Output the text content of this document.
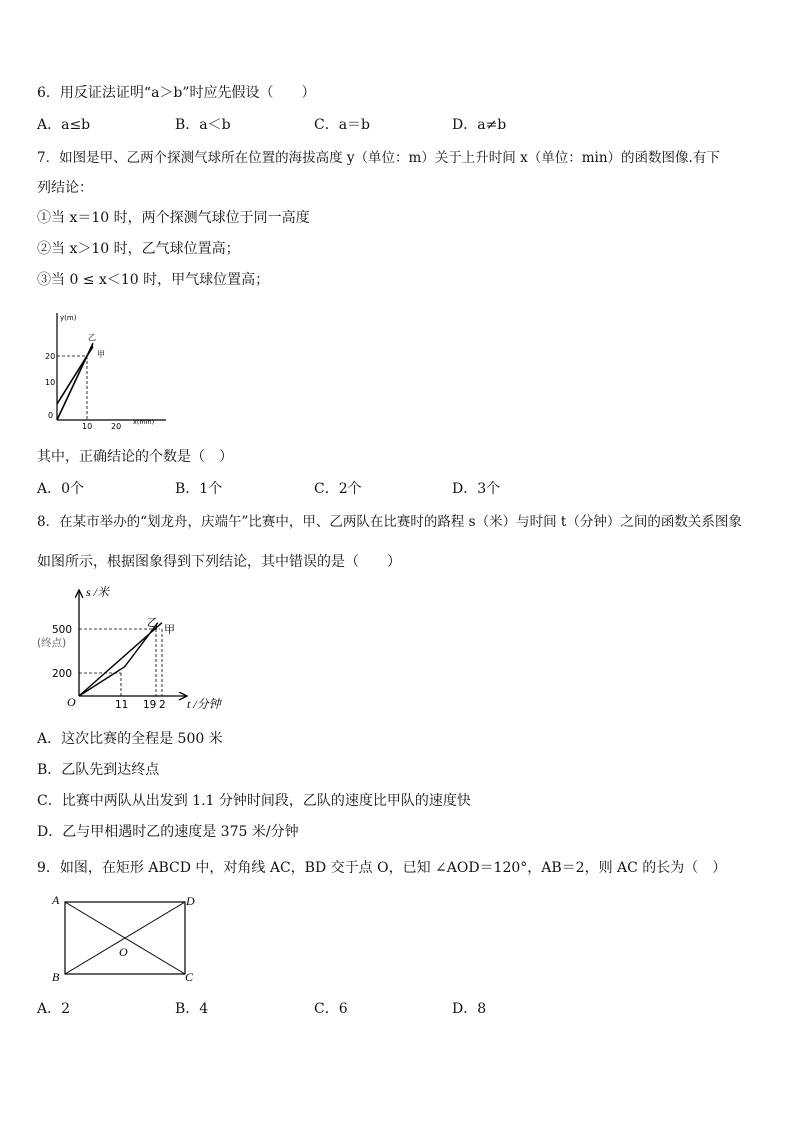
6．用反证法证明“a＞b”时应先假设（　　）
A．a≤b	B．a＜b	C．a＝b	D．a≠b
7．如图是甲、乙两个探测气球所在位置的海拔高度 y（单位：m）关于上升时间 x（单位：min）的函数图像.有下
列结论：
①当 x＝10 时，两个探测气球位于同一高度
②当 x＞10 时，乙气球位置高；
③当 0 ≤ x＜10 时，甲气球位置高；
y(m)
x(min)
0
20
10
10 20
乙
甲
其中，正确结论的个数是（　）
A．0个	B．1个	C．2个	D．3个
8．在某市举办的“划龙舟，庆端午”比赛中，甲、乙两队在比赛时的路程 s（米）与时间 t（分钟）之间的函数关系图象
如图所示，根据图象得到下列结论，其中错误的是（　　）
s /米
t /分钟
O
500
(终点)
200
11 19 2
乙
甲
A．这次比赛的全程是 500 米
B．乙队先到达终点
C．比赛中两队从出发到 1.1 分钟时间段，乙队的速度比甲队的速度快
D．乙与甲相遇时乙的速度是 375 米/分钟
9．如图，在矩形 ABCD 中，对角线 AC，BD 交于点 O，已知 ∠AOD＝120°，AB＝2，则 AC 的长为（　）
A	D
B	C
O
A．2	B．4	C．6	D．8
